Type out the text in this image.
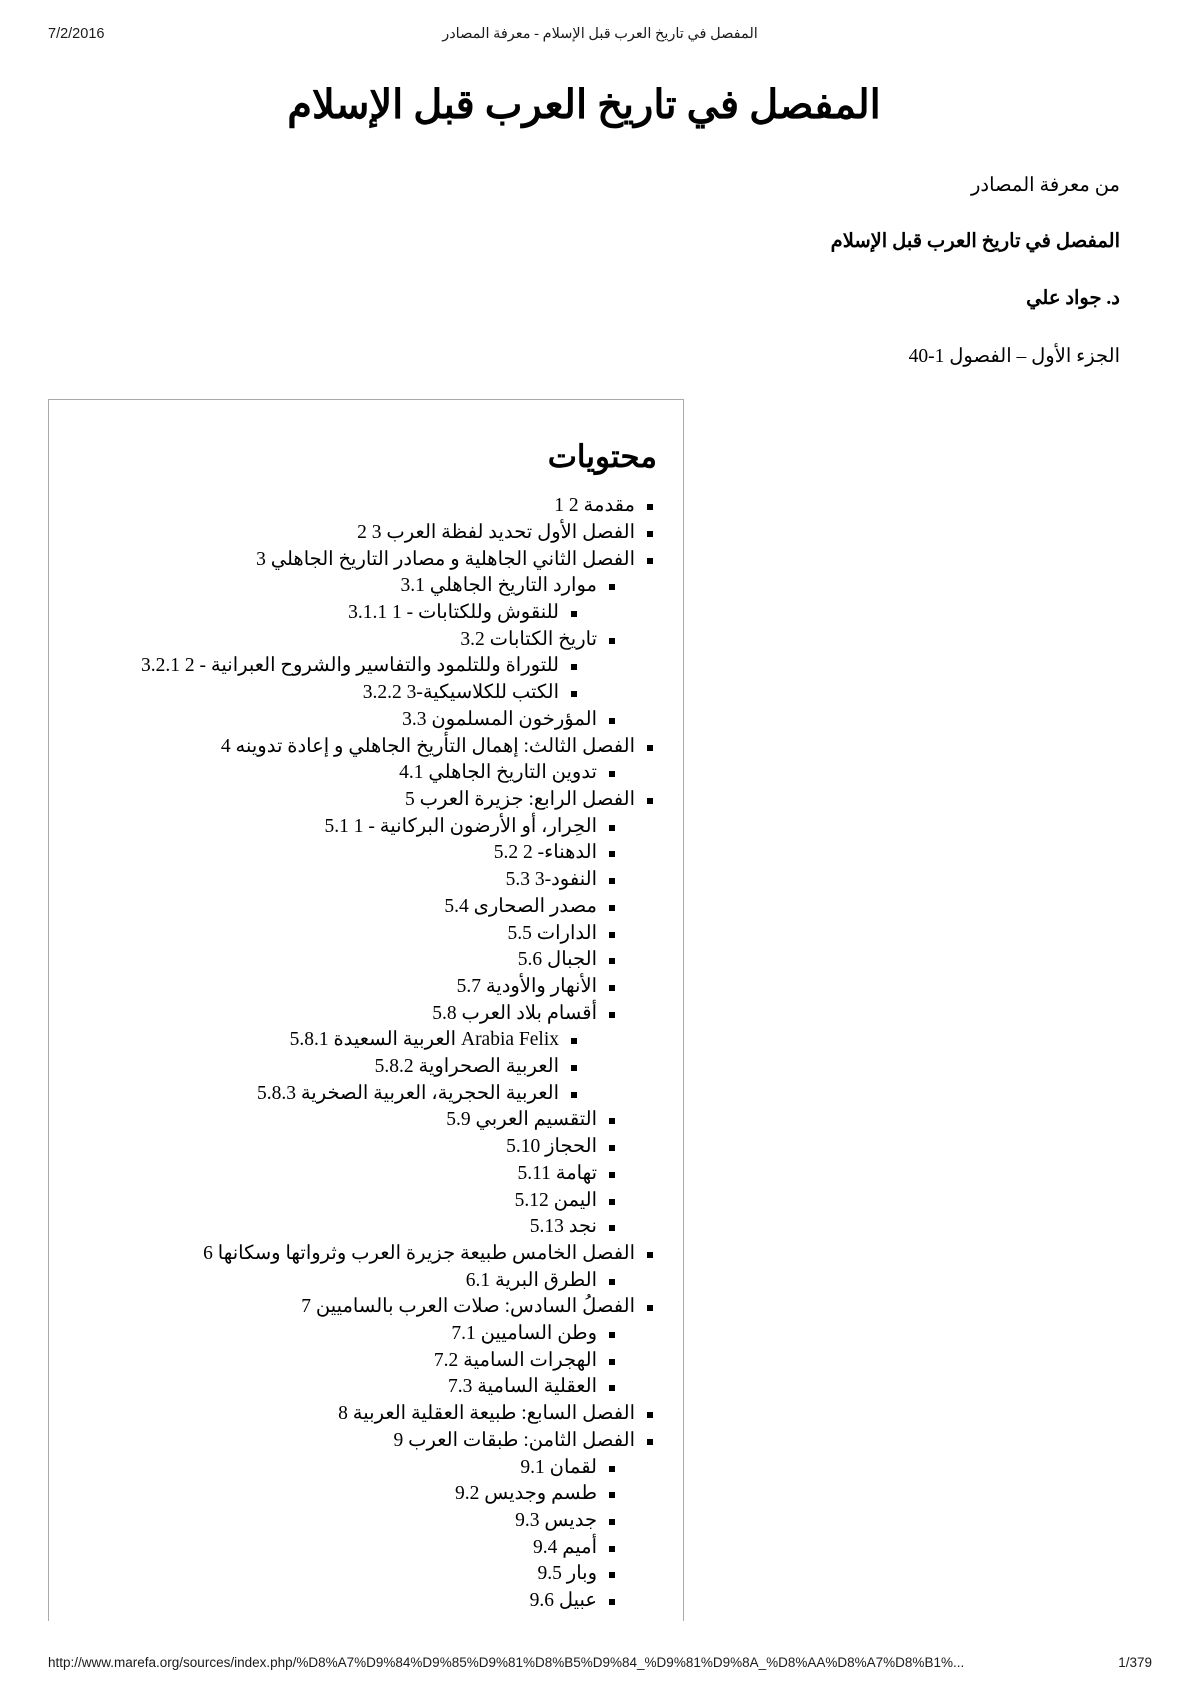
7/2/2016	المفصل في تاريخ العرب قبل الإسلام - معرفة المصادر
المفصل في تاريخ العرب قبل الإسلام

من معرفة المصادر

المفصل في تاريخ العرب قبل الإسلام

د. جواد علي

الجزء الأول – الفصول 1-40

محتويات
1 مقدمة 2
2 الفصل الأول تحديد لفظة العرب 3
3 الفصل الثاني الجاهلية و مصادر التاريخ الجاهلي
3.1 موارد التاريخ الجاهلي
3.1.1 1 - للنقوش وللكتابات
3.2 تاريخ الكتابات
3.2.1 2 - للتوراة وللتلمود والتفاسير والشروح العبرانية
3.2.2 3-الكتب للكلاسيكية
3.3 المؤرخون المسلمون
4 الفصل الثالث: إهمال التأريخ الجاهلي و إعادة تدوينه
4.1 تدوين التاريخ الجاهلي
5 الفصل الرابع: جزيرة العرب
5.1 1 - الحِرار، أو الأرضون البركانية
5.2 2 -الدهناء
5.3 3-النفود
5.4 مصدر الصحارى
5.5 الدارات
5.6 الجبال
5.7 الأنهار والأودية
5.8 أقسام بلاد العرب
5.8.1 العربية السعيدة Arabia Felix
5.8.2 العربية الصحراوية
5.8.3 العربية الحجرية، العربية الصخرية
5.9 التقسيم العربي
5.10 الحجاز
5.11 تهامة
5.12 اليمن
5.13 نجد
6 الفصل الخامس طبيعة جزيرة العرب وثرواتها وسكانها
6.1 الطرق البرية
7 الفصلُ السادس: صلات العرب بالساميين
7.1 وطن الساميين
7.2 الهجرات السامية
7.3 العقلية السامية
8 الفصل السابع: طبيعة العقلية العربية
9 الفصل الثامن: طبقات العرب
9.1 لقمان
9.2 طسم وجديس
9.3 جديس
9.4 أميم
9.5 وبار
9.6 عبيل
http://www.marefa.org/sources/index.php/%D8%A7%D9%84%D9%85%D9%81%D8%B5%D9%84_%D9%81%D9%8A_%D8%AA%D8%A7%D8%B1%...	1/379
